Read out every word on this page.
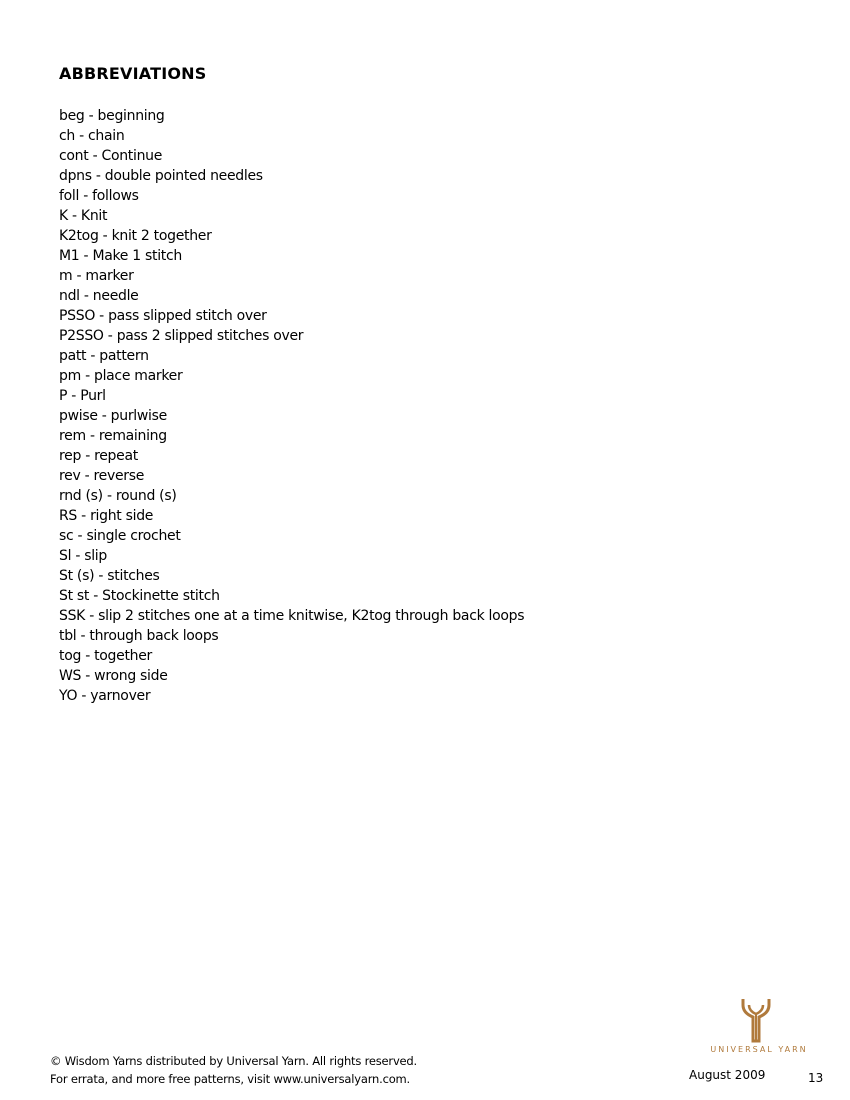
ABBREVIATIONS
beg - beginning
ch - chain
cont - Continue
dpns - double pointed needles
foll - follows
K - Knit
K2tog - knit 2 together
M1 - Make 1 stitch
m - marker
ndl - needle
PSSO - pass slipped stitch over
P2SSO - pass 2 slipped stitches over
patt - pattern
pm - place marker
P - Purl
pwise - purlwise
rem - remaining
rep - repeat
rev - reverse
rnd (s) - round (s)
RS - right side
sc - single crochet
Sl - slip
St (s) - stitches
St st - Stockinette stitch
SSK - slip 2 stitches one at a time knitwise, K2tog through back loops
tbl - through back loops
tog - together
WS - wrong side
YO - yarnover
© Wisdom Yarns distributed by Universal Yarn. All rights reserved.
For errata, and more free patterns, visit www.universalyarn.com.
UNIVERSAL YARN
August 2009	13
